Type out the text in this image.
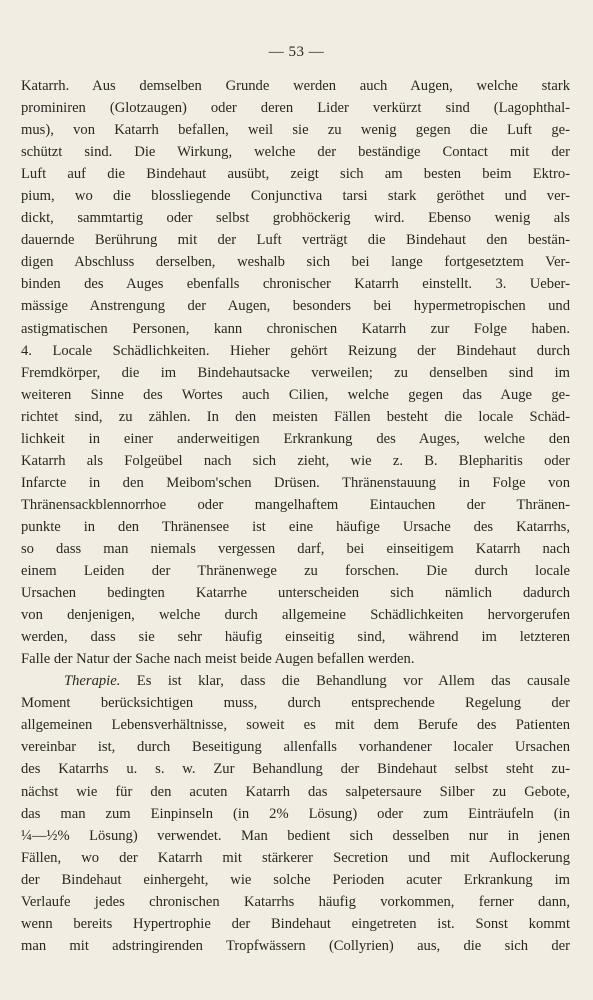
— 53 —
Katarrh. Aus demselben Grunde werden auch Augen, welche stark
prominiren (Glotzaugen) oder deren Lider verkürzt sind (Lagophthal-
mus), von Katarrh befallen, weil sie zu wenig gegen die Luft ge-
schützt sind. Die Wirkung, welche der beständige Contact mit der
Luft auf die Bindehaut ausübt, zeigt sich am besten beim Ektro-
pium, wo die blossliegende Conjunctiva tarsi stark geröthet und ver-
dickt, sammtartig oder selbst grobhöckerig wird. Ebenso wenig als
dauernde Berührung mit der Luft verträgt die Bindehaut den bestän-
digen Abschluss derselben, weshalb sich bei lange fortgesetztem Ver-
binden des Auges ebenfalls chronischer Katarrh einstellt. 3. Ueber-
mässige Anstrengung der Augen, besonders bei hypermetropischen und
astigmatischen Personen, kann chronischen Katarrh zur Folge haben.
4. Locale Schädlichkeiten. Hieher gehört Reizung der Bindehaut durch
Fremdkörper, die im Bindehautsacke verweilen; zu denselben sind im
weiteren Sinne des Wortes auch Cilien, welche gegen das Auge ge-
richtet sind, zu zählen. In den meisten Fällen besteht die locale Schäd-
lichkeit in einer anderweitigen Erkrankung des Auges, welche den
Katarrh als Folgeübel nach sich zieht, wie z. B. Blepharitis oder
Infarcte in den Meibom'schen Drüsen. Thränenstauung in Folge von
Thränensackblennorrhoe oder mangelhaftem Eintauchen der Thränen-
punkte in den Thränensee ist eine häufige Ursache des Katarrhs,
so dass man niemals vergessen darf, bei einseitigem Katarrh nach
einem Leiden der Thränenwege zu forschen. Die durch locale
Ursachen bedingten Katarrhe unterscheiden sich nämlich dadurch
von denjenigen, welche durch allgemeine Schädlichkeiten hervorgerufen
werden, dass sie sehr häufig einseitig sind, während im letzteren
Falle der Natur der Sache nach meist beide Augen befallen werden.
Therapie. Es ist klar, dass die Behandlung vor Allem das causale
Moment berücksichtigen muss, durch entsprechende Regelung der
allgemeinen Lebensverhältnisse, soweit es mit dem Berufe des Patienten
vereinbar ist, durch Beseitigung allenfalls vorhandener localer Ursachen
des Katarrhs u. s. w. Zur Behandlung der Bindehaut selbst steht zu-
nächst wie für den acuten Katarrh das salpetersaure Silber zu Gebote,
das man zum Einpinseln (in 2% Lösung) oder zum Einträufeln (in
¼—½% Lösung) verwendet. Man bedient sich desselben nur in jenen
Fällen, wo der Katarrh mit stärkerer Secretion und mit Auflockerung
der Bindehaut einhergeht, wie solche Perioden acuter Erkrankung im
Verlaufe jedes chronischen Katarrhs häufig vorkommen, ferner dann,
wenn bereits Hypertrophie der Bindehaut eingetreten ist. Sonst kommt
man mit adstringirenden Tropfwässern (Collyrien) aus, die sich der
